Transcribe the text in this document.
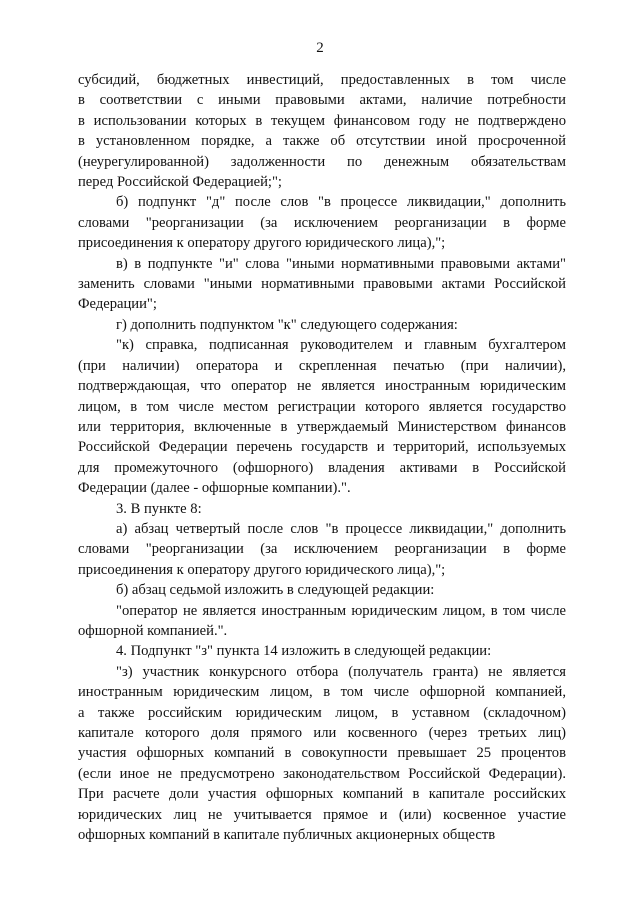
2
субсидий, бюджетных инвестиций, предоставленных в том числе
в соответствии с иными правовыми актами, наличие потребности
в использовании которых в текущем финансовом году не подтверждено
в установленном порядке, а также об отсутствии иной просроченной
(неурегулированной) задолженности по денежным обязательствам
перед Российской Федерацией;";
б) подпункт "д" после слов "в процессе ликвидации," дополнить
словами "реорганизации (за исключением реорганизации в форме
присоединения к оператору другого юридического лица),";
в) в подпункте "и" слова "иными нормативными правовыми актами"
заменить словами "иными нормативными правовыми актами Российской
Федерации";
г) дополнить подпунктом "к" следующего содержания:
"к) справка, подписанная руководителем и главным бухгалтером
(при наличии) оператора и скрепленная печатью (при наличии),
подтверждающая, что оператор не является иностранным юридическим
лицом, в том числе местом регистрации которого является государство
или территория, включенные в утверждаемый Министерством финансов
Российской Федерации перечень государств и территорий, используемых
для промежуточного (офшорного) владения активами в Российской
Федерации (далее - офшорные компании).".
3. В пункте 8:
а) абзац четвертый после слов "в процессе ликвидации," дополнить
словами "реорганизации (за исключением реорганизации в форме
присоединения к оператору другого юридического лица),";
б) абзац седьмой изложить в следующей редакции:
"оператор не является иностранным юридическим лицом, в том числе
офшорной компанией.".
4. Подпункт "з" пункта 14 изложить в следующей редакции:
"з) участник конкурсного отбора (получатель гранта) не является
иностранным юридическим лицом, в том числе офшорной компанией,
а также российским юридическим лицом, в уставном (складочном)
капитале которого доля прямого или косвенного (через третьих лиц)
участия офшорных компаний в совокупности превышает 25 процентов
(если иное не предусмотрено законодательством Российской Федерации).
При расчете доли участия офшорных компаний в капитале российских
юридических лиц не учитывается прямое и (или) косвенное участие
офшорных компаний в капитале публичных акционерных обществ
